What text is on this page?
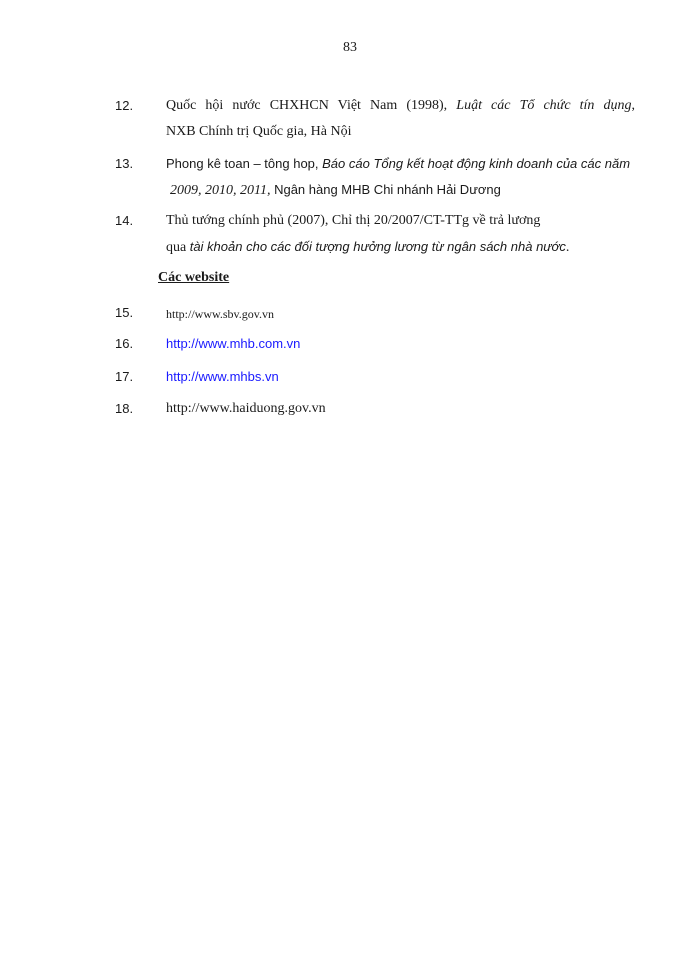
83
12. Quốc hội nước CHXHCN Việt Nam (1998), Luật các Tổ chức tín dụng,
NXB Chính trị Quốc gia, Hà Nội
13.	Phong kê toan – tông hop, Báo cáo Tổng kết hoạt động kinh doanh của các năm
2009, 2010, 2011, Ngân hàng MHB Chi nhánh Hải Dương
14. Thủ tướng chính phủ (2007), Chỉ thị 20/2007/CT-TTg về trả lương
qua tài khoản cho các đối tượng hưởng lương từ ngân sách nhà nước.
Các website
15.	http://www.sbv.gov.vn
16.	http://www.mhb.com.vn
17.	http://www.mhbs.vn
18. http://www.haiduong.gov.vn
